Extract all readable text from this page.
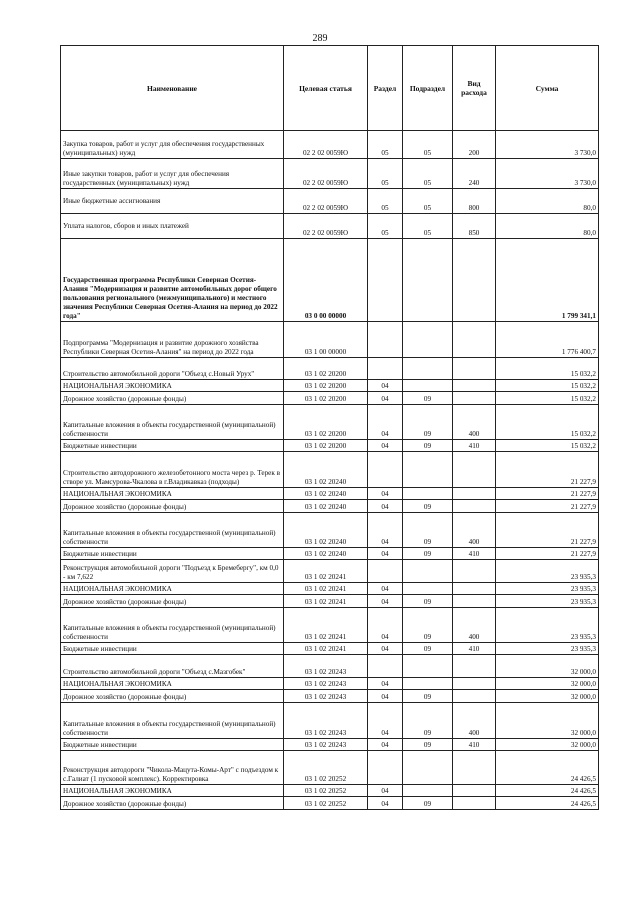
289
Наименование	Целевая статья	Раздел	Подраздел	Вид расхода	Сумма
Закупка товаров, работ и услуг для обеспечения государственных (муниципальных) нужд	02 2 02 0059Ю	05	05	200	3 730,0
Иные закупки товаров, работ и услуг для обеспечения государственных (муниципальных) нужд	02 2 02 0059Ю	05	05	240	3 730,0
Иные бюджетные ассигнования	02 2 02 0059Ю	05	05	800	80,0
Уплата налогов, сборов и иных платежей	02 2 02 0059Ю	05	05	850	80,0
Государственная программа Республики Северная Осетия-Алания "Модернизация и развитие автомобильных дорог общего пользования регионального (межмуниципального) и местного значения Республики Северная Осетия-Алания на период до 2022 года"	03 0 00 00000				1 799 341,1
Подпрограмма "Модернизация и развитие дорожного хозяйства Республики Северная Осетия-Алания" на период до 2022 года	03 1 00 00000				1 776 400,7
Строительство автомобильной дороги "Объезд с.Новый Урух"	03 1 02 20200				15 032,2
НАЦИОНАЛЬНАЯ ЭКОНОМИКА	03 1 02 20200	04			15 032,2
Дорожное хозяйство (дорожные фонды)	03 1 02 20200	04	09		15 032,2
Капитальные вложения в объекты государственной (муниципальной) собственности	03 1 02 20200	04	09	400	15 032,2
Бюджетные инвестиции	03 1 02 20200	04	09	410	15 032,2
Строительство автодорожного железобетонного моста через р. Терек в створе ул. Мамсурова-Чкалова в г.Владикавказ (подходы)	03 1 02 20240				21 227,9
НАЦИОНАЛЬНАЯ ЭКОНОМИКА	03 1 02 20240	04			21 227,9
Дорожное хозяйство (дорожные фонды)	03 1 02 20240	04	09		21 227,9
Капитальные вложения в объекты государственной (муниципальной) собственности	03 1 02 20240	04	09	400	21 227,9
Бюджетные инвестиции	03 1 02 20240	04	09	410	21 227,9
Реконструкция автомобильной дороги "Подъезд к Бремебергу", км 0,0 - км 7,622	03 1 02 20241				23 935,3
НАЦИОНАЛЬНАЯ ЭКОНОМИКА	03 1 02 20241	04			23 935,3
Дорожное хозяйство (дорожные фонды)	03 1 02 20241	04	09		23 935,3
Капитальные вложения в объекты государственной (муниципальной) собственности	03 1 02 20241	04	09	400	23 935,3
Бюджетные инвестиции	03 1 02 20241	04	09	410	23 935,3
Строительство автомобильной дороги "Объезд с.Мазгобек"	03 1 02 20243				32 000,0
НАЦИОНАЛЬНАЯ ЭКОНОМИКА	03 1 02 20243	04			32 000,0
Дорожное хозяйство (дорожные фонды)	03 1 02 20243	04	09		32 000,0
Капитальные вложения в объекты государственной (муниципальной) собственности	03 1 02 20243	04	09	400	32 000,0
Бюджетные инвестиции	03 1 02 20243	04	09	410	32 000,0
Реконструкция автодороги "Чикола-Мацута-Комы-Арт" с подъездом к с.Галиат (1 пусковой комплекс). Корректировка	03 1 02 20252				24 426,5
НАЦИОНАЛЬНАЯ ЭКОНОМИКА	03 1 02 20252	04			24 426,5
Дорожное хозяйство (дорожные фонды)	03 1 02 20252	04	09		24 426,5
